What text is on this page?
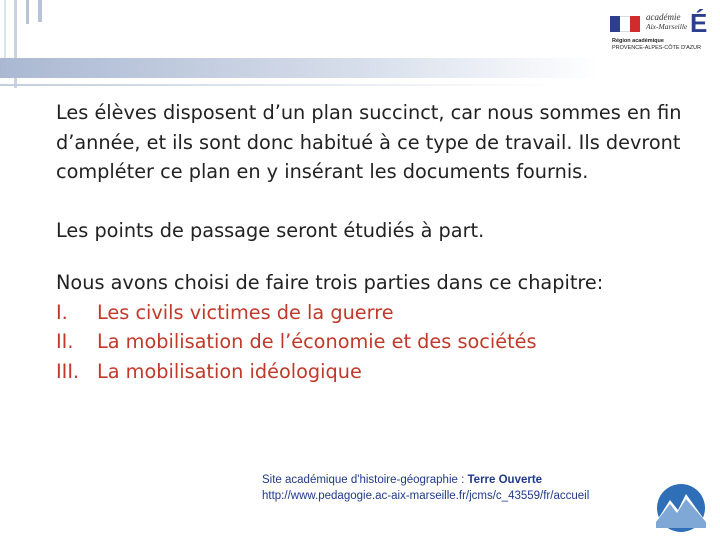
académie
Aix-Marseille É
Région académique
PROVENCE-ALPES-CÔTE D'AZUR

Les élèves disposent d’un plan succinct, car nous sommes en fin d’année, et ils sont donc habitué à ce type de travail. Ils devront compléter ce plan en y insérant les documents fournis.

Les points de passage seront étudiés à part.

Nous avons choisi de faire trois parties dans ce chapitre:

I.	Les civils victimes de la guerre
II.	La mobilisation de l’économie et des sociétés
III. La mobilisation idéologique
Site académique d'histoire-géographie : Terre Ouverte
http://www.pedagogie.ac-aix-marseille.fr/jcms/c_43559/fr/accueil
